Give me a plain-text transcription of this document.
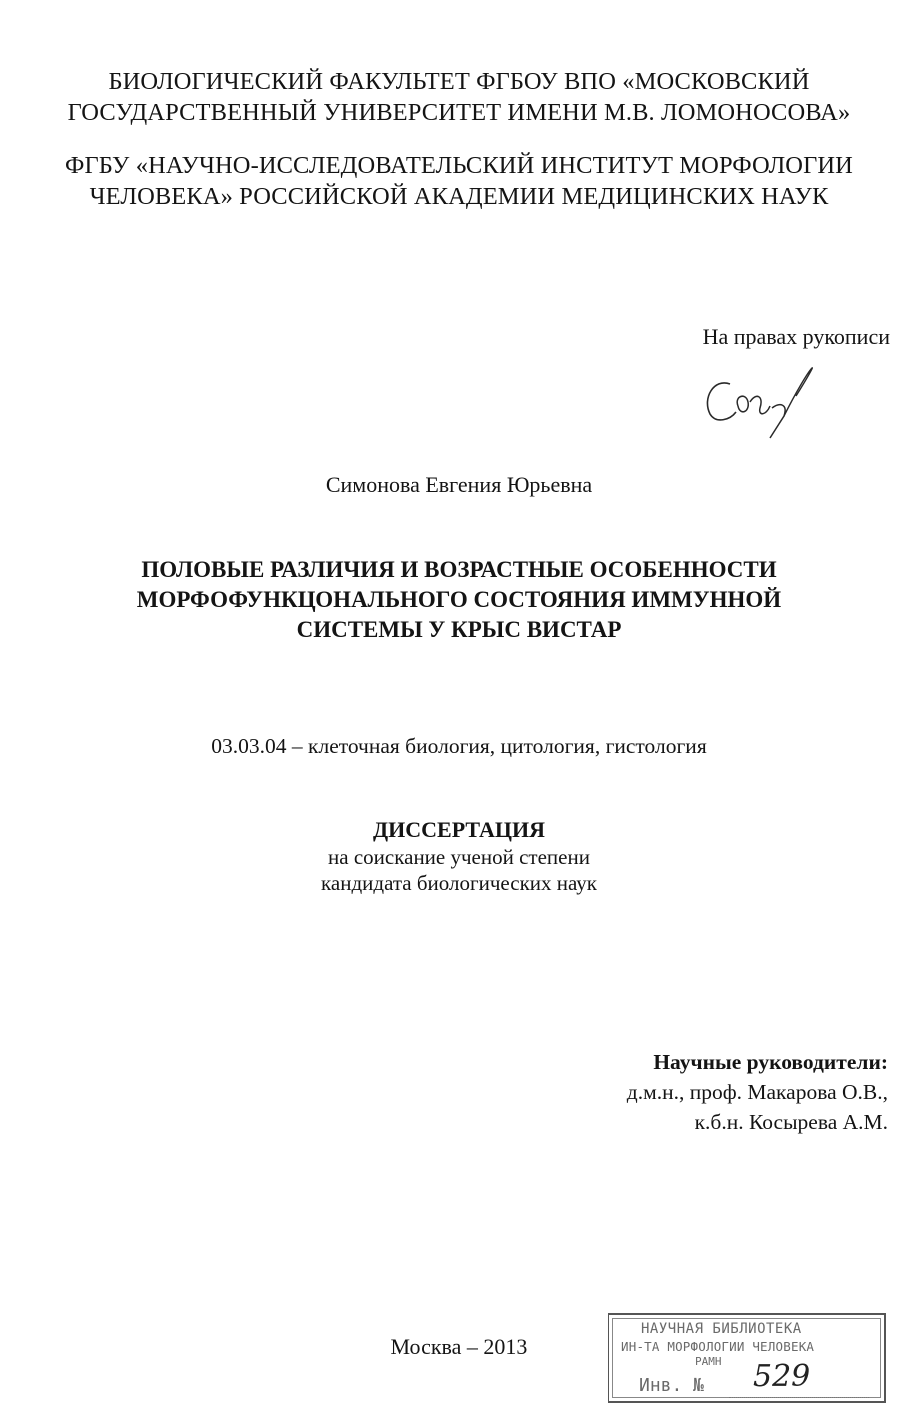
БИОЛОГИЧЕСКИЙ ФАКУЛЬТЕТ ФГБОУ ВПО «МОСКОВСКИЙ
ГОСУДАРСТВЕННЫЙ УНИВЕРСИТЕТ ИМЕНИ М.В. ЛОМОНОСОВА»
ФГБУ «НАУЧНО-ИССЛЕДОВАТЕЛЬСКИЙ ИНСТИТУТ МОРФОЛОГИИ
ЧЕЛОВЕКА» РОССИЙСКОЙ АКАДЕМИИ МЕДИЦИНСКИХ НАУК
На правах рукописи
Симонова Евгения Юрьевна
ПОЛОВЫЕ РАЗЛИЧИЯ И ВОЗРАСТНЫЕ ОСОБЕННОСТИ
МОРФОФУНКЦОНАЛЬНОГО СОСТОЯНИЯ ИММУННОЙ
СИСТЕМЫ У КРЫС ВИСТАР
03.03.04 – клеточная биология, цитология, гистология
ДИССЕРТАЦИЯ
на соискание ученой степени
кандидата биологических наук
Научные руководители:
д.м.н., проф. Макарова О.В.,
к.б.н. Косырева А.М.
Москва – 2013
НАУЧНАЯ БИБЛИОТЕКА
ИН-ТА МОРФОЛОГИИ ЧЕЛОВЕКА
РАМН
Инв. № 529
